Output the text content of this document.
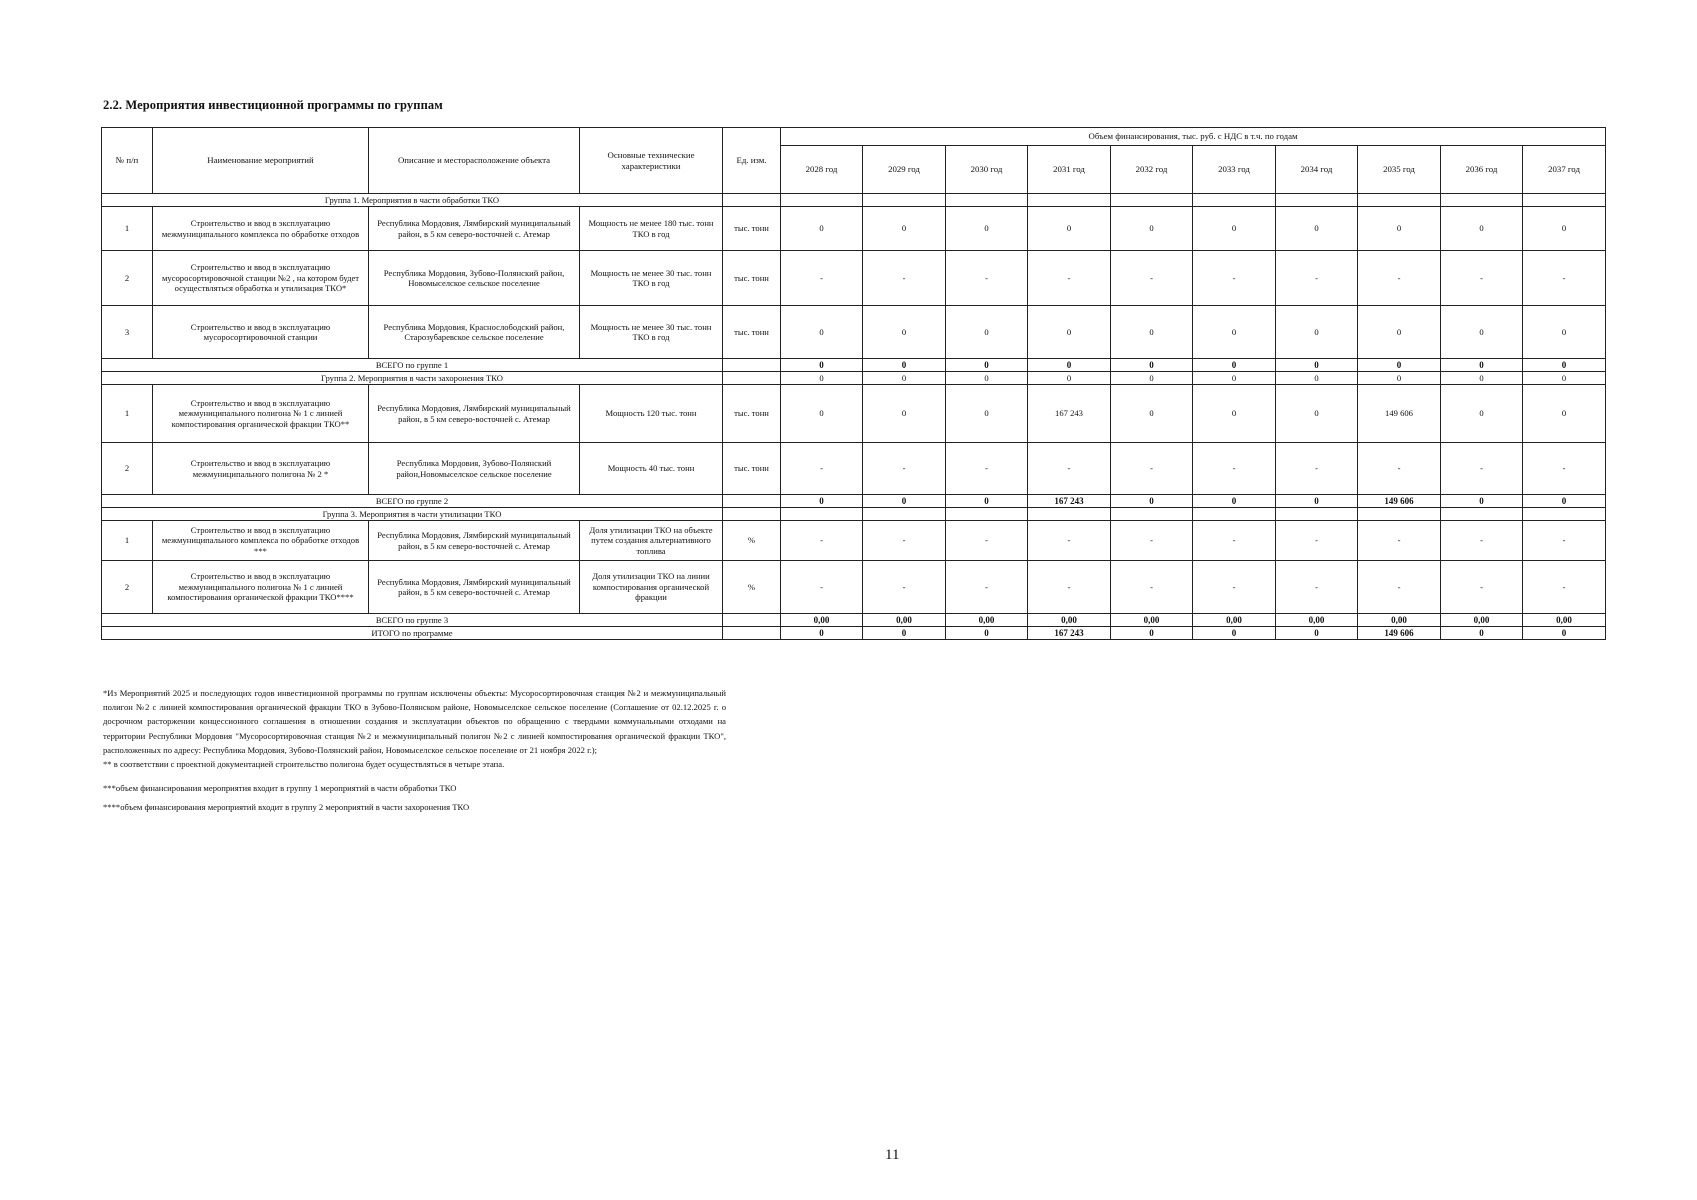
2.2. Мероприятия инвестиционной программы по группам
№ п/п	Наименование мероприятий	Описание и месторасположение объекта	Основные технические характеристики	Ед. изм.	Объем финансирования, тыс. руб. с НДС в т.ч. по годам									
					2028 год	2029 год	2030 год	2031 год	2032 год	2033 год	2034 год	2035 год	2036 год	2037 год
Группа 1. Мероприятия в части обработки ТКО														
1	Строительство и ввод в эксплуатацию межмуниципального комплекса по обработке отходов	Республика Мордовия, Лямбирский муниципальный район, в 5 км северо-восточней с. Атемар	Мощность не менее 180 тыс. тонн ТКО в год	тыс. тонн	0	0	0	0	0	0	0	0	0	0
2	Строительство и ввод в эксплуатацию мусоросортировочной станции №2 , на котором будет осуществляться обработка и утилизация ТКО*	Республика Мордовия, Зубово-Полянский район, Новомыселское сельское поселение	Мощность не менее 30 тыс. тонн ТКО в год	тыс. тонн	-	-	-	-	-	-	-	-	-	-
3	Строительство и ввод в эксплуатацию мусоросортировочной станции	Республика Мордовия, Краснослободский район, Старозубаревское сельское поселение	Мощность не менее 30 тыс. тонн ТКО в год	тыс. тонн	0	0	0	0	0	0	0	0	0	0
ВСЕГО по группе 1					0	0	0	0	0	0	0	0	0	0
Группа 2. Мероприятия в части захоронения ТКО					0	0	0	0	0	0	0	0	0	0
1	Строительство и ввод в эксплуатацию межмуниципального полигона № 1 с линией компостирования органической фракции ТКО**	Республика Мордовия, Лямбирский муниципальный район, в 5 км северо-восточней с. Атемар	Мощность 120 тыс. тонн	тыс. тонн	0	0	0	167 243	0	0	0	149 606	0	0
2	Строительство и ввод в эксплуатацию межмуниципального полигона № 2 *	Республика Мордовия, Зубово-Полянский район,Новомыселское сельское поселение	Мощность 40 тыс. тонн	тыс. тонн	-	-	-	-	-	-	-	-	-	-
ВСЕГО по группе 2					0	0	0	167 243	0	0	0	149 606	0	0
Группа 3. Мероприятия в части утилизации ТКО														
1	Строительство и ввод в эксплуатацию межмуниципального комплекса по обработке отходов ***	Республика Мордовия, Лямбирский муниципальный район, в 5 км северо-восточней с. Атемар	Доля утилизации ТКО на объекте путем создания альтернативного топлива	%	-	-	-	-	-	-	-	-	-	-
2	Строительство и ввод в эксплуатацию межмуниципального полигона № 1 с линией компостирования органической фракции ТКО****	Республика Мордовия, Лямбирский муниципальный район, в 5 км северо-восточней с. Атемар	Доля утилизации ТКО на линии компостирования органической фракции	%	-	-	-	-	-	-	-	-	-	-
ВСЕГО по группе 3					0,00	0,00	0,00	0,00	0,00	0,00	0,00	0,00	0,00	0,00
ИТОГО по программе					0	0	0	167 243	0	0	0	149 606	0	0

*Из Мероприятий 2025 и последующих годов инвестиционной программы по группам исключены объекты: Мусоросортировочная станция №2 и межмуниципальный полигон №2 с линией компостирования органической фракции ТКО в Зубово-Полянском районе, Новомыселское сельское поселение (Соглашение от 02.12.2025 г. о досрочном расторжении концессионного соглашения в отношении создания и эксплуатации объектов по обращению с твердыми коммунальными отходами на территории Республики Мордовия "Мусоросортировочная станция №2 и межмуниципальный полигон №2 с линией компостирования органической фракции ТКО", расположенных по адресу: Республика Мордовия, Зубово-Полянский район, Новомыселское сельское поселение от 21 ноября 2022 г.);

** в соответствии с проектной документацией строительство полигона будет осуществляться в четыре этапа.

***объем финансирования мероприятия входит в группу 1 мероприятий в части обработки ТКО

****объем финансирования мероприятий входит в группу 2 мероприятий в части захоронения ТКО

11
